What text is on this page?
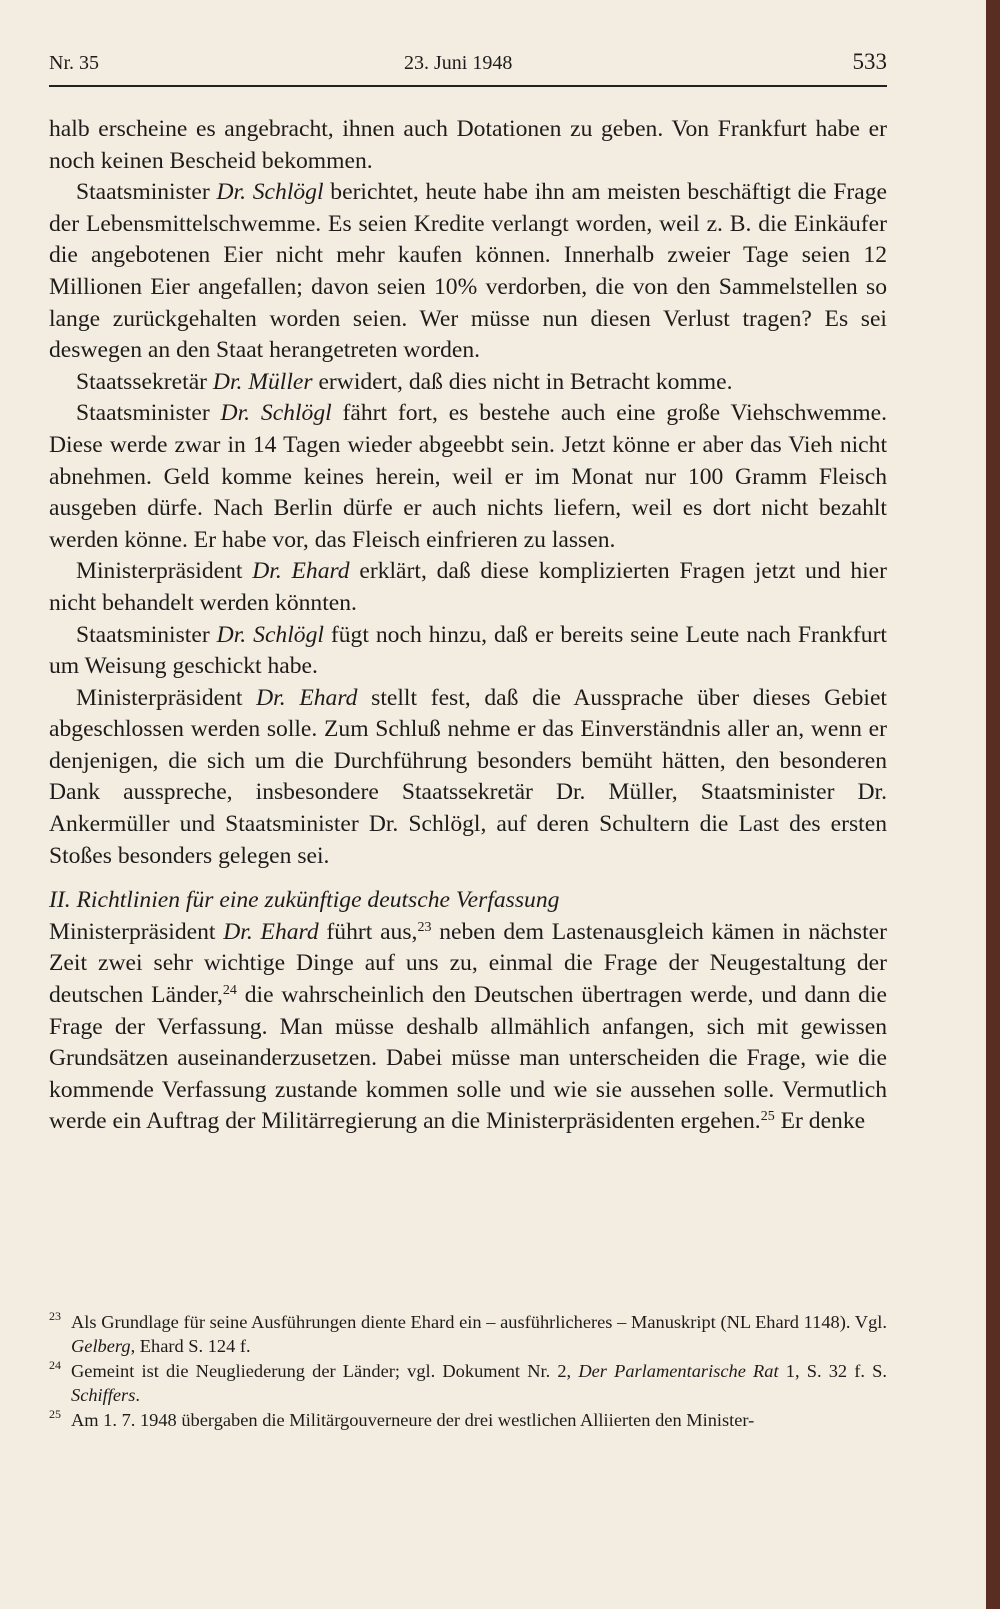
Nr. 35	23. Juni 1948	533

halb erscheine es angebracht, ihnen auch Dotationen zu geben. Von Frankfurt habe er noch keinen Bescheid bekommen.

Staatsminister Dr. Schlögl berichtet, heute habe ihn am meisten beschäftigt die Frage der Lebensmittelschwemme. Es seien Kredite verlangt worden, weil z. B. die Einkäufer die angebotenen Eier nicht mehr kaufen können. Innerhalb zweier Tage seien 12 Millionen Eier angefallen; davon seien 10% verdorben, die von den Sammelstellen so lange zurückgehalten worden seien. Wer müsse nun diesen Verlust tragen? Es sei deswegen an den Staat herangetreten worden.

Staatssekretär Dr. Müller erwidert, daß dies nicht in Betracht komme.

Staatsminister Dr. Schlögl fährt fort, es bestehe auch eine große Viehschwemme. Diese werde zwar in 14 Tagen wieder abgeebbt sein. Jetzt könne er aber das Vieh nicht abnehmen. Geld komme keines herein, weil er im Monat nur 100 Gramm Fleisch ausgeben dürfe. Nach Berlin dürfe er auch nichts liefern, weil es dort nicht bezahlt werden könne. Er habe vor, das Fleisch einfrieren zu lassen.

Ministerpräsident Dr. Ehard erklärt, daß diese komplizierten Fragen jetzt und hier nicht behandelt werden könnten.

Staatsminister Dr. Schlögl fügt noch hinzu, daß er bereits seine Leute nach Frankfurt um Weisung geschickt habe.

Ministerpräsident Dr. Ehard stellt fest, daß die Aussprache über dieses Gebiet abgeschlossen werden solle. Zum Schluß nehme er das Einverständnis aller an, wenn er denjenigen, die sich um die Durchführung besonders bemüht hätten, den besonderen Dank ausspreche, insbesondere Staatssekretär Dr. Müller, Staatsminister Dr. Ankermüller und Staatsminister Dr. Schlögl, auf deren Schultern die Last des ersten Stoßes besonders gelegen sei.

II. Richtlinien für eine zukünftige deutsche Verfassung

Ministerpräsident Dr. Ehard führt aus,$^{23}$ neben dem Lastenausgleich kämen in nächster Zeit zwei sehr wichtige Dinge auf uns zu, einmal die Frage der Neugestaltung der deutschen Länder,$^{24}$ die wahrscheinlich den Deutschen übertragen werde, und dann die Frage der Verfassung. Man müsse deshalb allmählich anfangen, sich mit gewissen Grundsätzen auseinanderzusetzen. Dabei müsse man unterscheiden die Frage, wie die kommende Verfassung zustande kommen solle und wie sie aussehen solle. Vermutlich werde ein Auftrag der Militärregierung an die Ministerpräsidenten ergehen.$^{25}$ Er denke

23 Als Grundlage für seine Ausführungen diente Ehard ein – ausführlicheres – Manuskript (NL Ehard 1148). Vgl. Gelberg, Ehard S. 124 f.
24 Gemeint ist die Neugliederung der Länder; vgl. Dokument Nr. 2, Der Parlamentarische Rat 1, S. 32 f. S. Schiffers.
25 Am 1. 7. 1948 übergaben die Militärgouverneure der drei westlichen Alliierten den Minister-
